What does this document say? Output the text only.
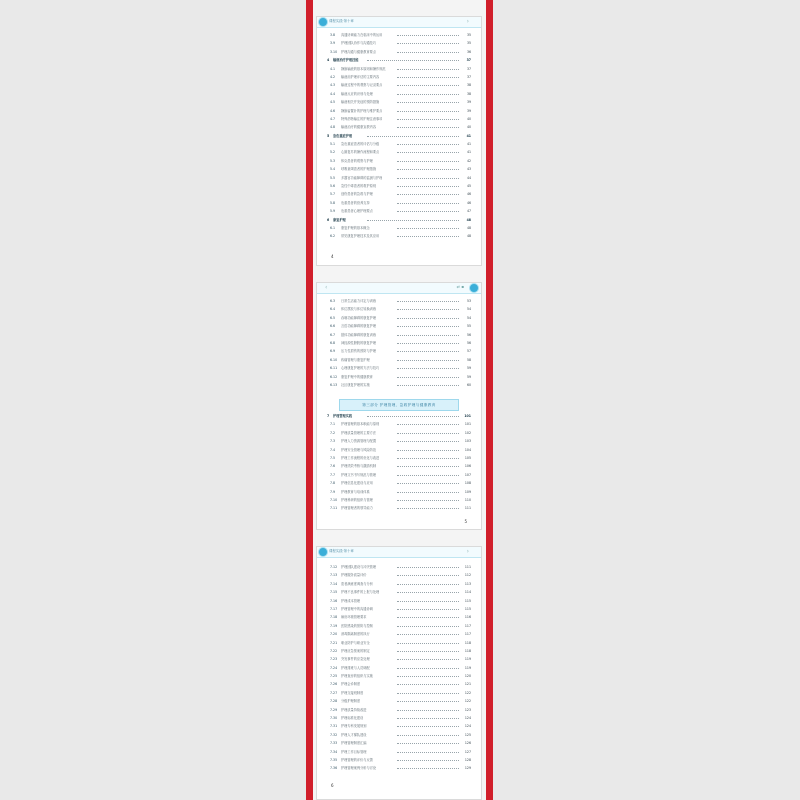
课程实践·第十章	›
3.8	沟通协调能力在临床中的运用	35
3.9	护理团队协作与沟通技巧	35
3.10	护理沟通与健康教育要点	36
4	输液治疗护理技能	37
4.1	静脉输液的基本原则和操作规范	37
4.2	输液前护理评估的主要内容	37
4.3	输液过程中的观察与记录要点	38
4.4	输液反应的识别与处理	38
4.5	输液相关并发症的预防措施	39
4.6	静脉留置针的护理与维护要点	39
4.7	特殊药物输注的护理注意事项	40
4.8	输液治疗的健康宣教内容	40
5	急危重症护理	41
5.1	急危重症患者的评估与分级	41
5.2	心肺复苏的操作流程和要点	41
5.3	休克患者的观察与护理	42
5.4	呼吸衰竭患者的护理措施	43
5.5	多器官功能障碍的监测与护理	44
5.6	急性中毒患者的救护原则	45
5.7	创伤患者的急救与护理	46
5.8	危重患者的营养支持	46
5.9	危重患者心理护理要点	47
6	康复护理	48
6.1	康复护理的基本概念	48
6.2	常见康复护理技术及其应用	48
4
‹	⇄ ▪
6.3	日常生活能力评定与训练	53
6.4	体位摆放与体位转换训练	54
6.5	吞咽功能障碍的康复护理	54
6.6	言语功能障碍的康复护理	55
6.7	肢体功能障碍的康复训练	56
6.8	神经源性膀胱的康复护理	56
6.9	压力性损伤的预防与护理	57
6.10	疼痛管理与康复护理	58
6.11	心理康复护理的方法与技巧	59
6.12	康复护理中的健康教育	59
6.13	社区康复护理的实施	60
第三部分 护理管理、急救护理与健康教育
7	护理管理实践	101
7.1	护理管理的基本职能与原则	101
7.2	护理质量管理的主要方法	102
7.3	护理人力资源管理与配置	103
7.4	护理安全管理与风险防范	104
7.5	护理工作流程的优化与改进	105
7.6	护理绩效考核与激励机制	106
7.7	护理文书书写规范与管理	107
7.8	护理信息化建设与应用	108
7.9	护理教育与培训体系	109
7.10	护理科研的组织与管理	110
7.11	护理管理者的领导能力	111
5
课程实践·第十章	›
7.12	护理团队建设与冲突管理	111
7.13	护理服务质量评价	112
7.14	患者满意度调查与分析	113
7.15	护理不良事件的上报与处理	114
7.16	护理成本管理	115
7.17	护理管理中的沟通协调	115
7.18	病房环境管理要求	116
7.19	医院感染的预防与控制	117
7.20	消毒隔离制度的执行	117
7.21	职业防护与职业安全	118
7.22	护理应急预案的制定	118
7.23	突发事件的应急处理	119
7.24	护理排班与人员调配	119
7.25	护理查房的组织与实施	120
7.26	护理会诊制度	121
7.27	护理交接班制度	122
7.28	分级护理制度	122
7.29	护理质量持续改进	123
7.30	护理标准化建设	124
7.31	护理专科发展规划	124
7.32	护理人才梯队建设	125
7.33	护理管理制度汇编	126
7.34	护理工作目标管理	127
7.35	护理管理的评价与反馈	128
7.36	护理管理案例分析与讨论	129
6
